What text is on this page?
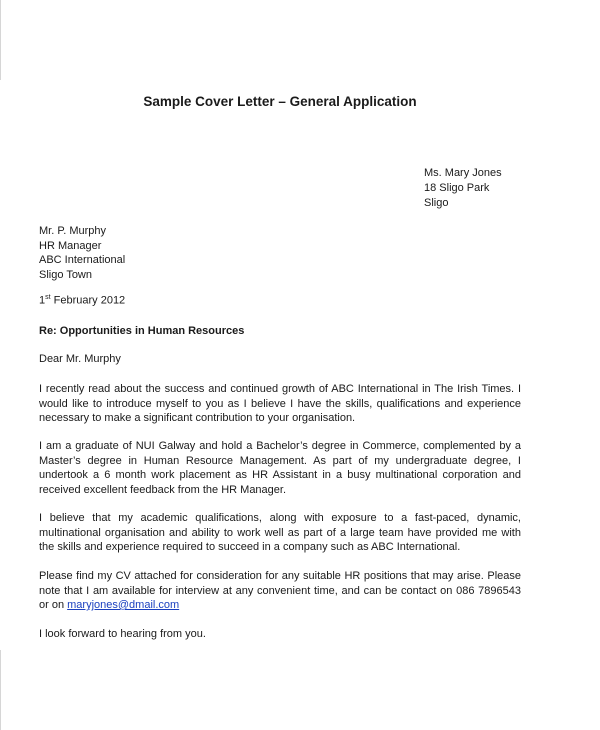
Sample Cover Letter – General Application
Ms. Mary Jones
18 Sligo Park
Sligo
Mr. P. Murphy
HR Manager
ABC International
Sligo Town
1st February 2012
Re: Opportunities in Human Resources
Dear Mr. Murphy

I recently read about the success and continued growth of ABC International in The Irish Times. I would like to introduce myself to you as I believe I have the skills, qualifications and experience necessary to make a significant contribution to your organisation.

I am a graduate of NUI Galway and hold a Bachelor’s degree in Commerce, complemented by a Master’s degree in Human Resource Management. As part of my undergraduate degree, I undertook a 6 month work placement as HR Assistant in a busy multinational corporation and received excellent feedback from the HR Manager.

I believe that my academic qualifications, along with exposure to a fast-paced, dynamic, multinational organisation and ability to work well as part of a large team have provided me with the skills and experience required to succeed in a company such as ABC International.

Please find my CV attached for consideration for any suitable HR positions that may arise. Please note that I am available for interview at any convenient time, and can be contact on 086 7896543 or on maryjones@dmail.com

I look forward to hearing from you.
